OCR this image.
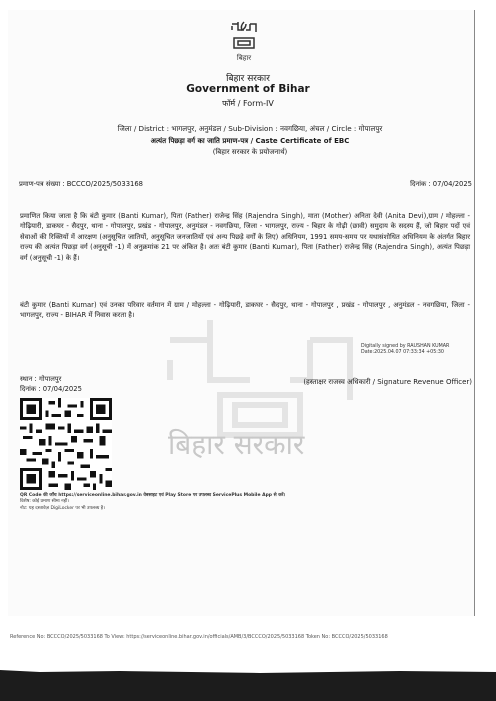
बिहार सरकार
बिहार
बिहार सरकार
Government of Bihar
फॉर्म / Form-IV
जिला / District : भागलपुर, अनुमंडल / Sub-Division : नवगछिया, अंचल / Circle : गोपालपुर
अत्यंत पिछड़ा वर्ग का जाति प्रमाण-पत्र / Caste Certificate of EBC
(बिहार सरकार के प्रयोजनार्थ)
प्रमाण-पत्र संख्या : BCCCO/2025/5033168	दिनांक : 07/04/2025
प्रमाणित किया जाता है कि बंटी कुमार (Banti Kumar), पिता (Father) राजेन्द्र सिंह (Rajendra Singh), माता (Mother) अनिता देवी (Anita Devi),ग्राम / मोहल्ला - गोढ़ियारी, डाकघर - सैदपुर, थाना - गोपालपुर, प्रखंड - गोपालपुर, अनुमंडल - नवगछिया, जिला - भागलपुर, राज्य - बिहार के गोढ़ी (छावी) समुदाय के सदस्य हैं, जो बिहार पदों एवं सेवाओं की रिक्तियों में आरक्षण (अनुसूचित जातियों, अनुसूचित जनजातियों एवं अन्य पिछड़े वर्गों के लिए) अधिनियम, 1991 समय-समय पर यथासंशोधित अधिनियम के अंतर्गत बिहार राज्य की अत्यंत पिछड़ा वर्ग (अनुसूची -1) में अनुक्रमांक 21 पर अंकित है। अतः बंटी कुमार (Banti Kumar), पिता (Father) राजेन्द्र सिंह (Rajendra Singh), अत्यंत पिछड़ा वर्ग (अनुसूची -1) के हैं।
बंटी कुमार (Banti Kumar) एवं उनका परिवार वर्तमान में ग्राम / मोहल्ला - गोढ़ियारी, डाकघर - सैदपुर, थाना - गोपालपुर , प्रखंड - गोपालपुर , अनुमंडल - नवगछिया, जिला - भागलपुर, राज्य - BIHAR में निवास करता है।
Digitally signed by RAUSHAN KUMAR
Date:2025.04.07 07:33:34 +05:30
स्थान : गोपालपुर
दिनांक : 07/04/2025
(हस्ताक्षर राजस्व अधिकारी / Signature Revenue Officer)
QR Code की जाँच https://serviceonline.bihar.gov.in वेबसाइट एवं Play Store पर उपलब्ध ServicePlus Mobile App से करें।
विशेष: कोई प्रमाण सीमा नहीं।
नोट: यह दस्तावेज़ DigiLocker पर भी उपलब्ध है।
Reference No: BCCCO/2025/5033168 To View: https://serviceonline.bihar.gov.in/officials/AMB/3/BCCCO/2025/5033168 Token No: BCCCO/2025/5033168
